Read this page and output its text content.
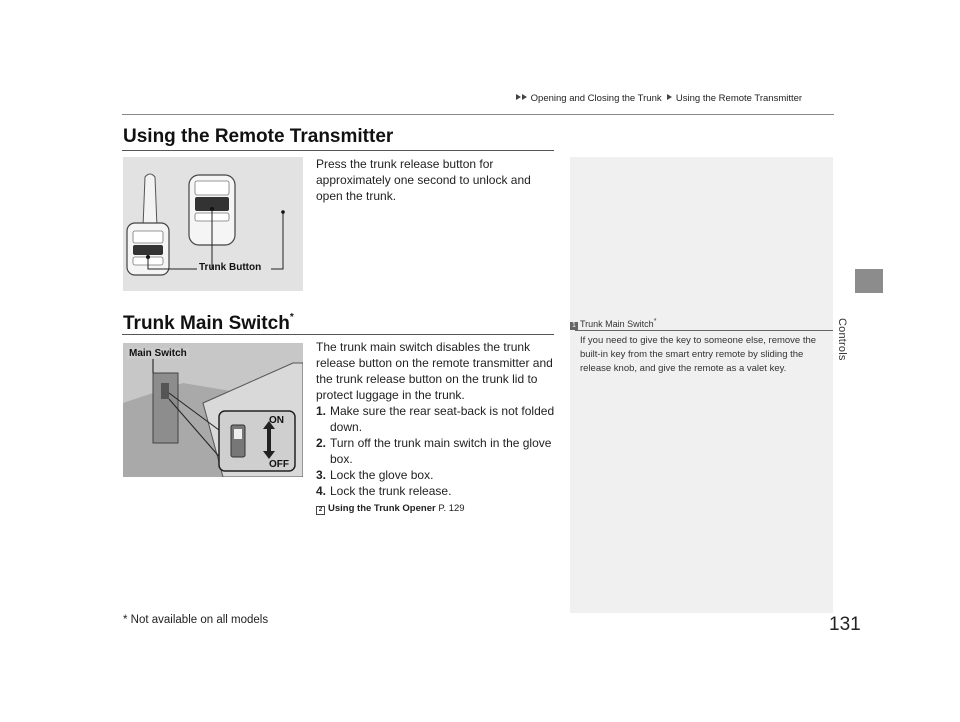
Opening and Closing the Trunk Using the Remote Transmitter
Controls
Using the Remote Transmitter
Trunk Button
Press the trunk release button for approximately one second to unlock and open the trunk.
Trunk Main Switch*
Main Switch
ON
OFF
The trunk main switch disables the trunk release button on the remote transmitter and the trunk release button on the trunk lid to protect luggage in the trunk.
1. Make sure the rear seat-back is not folded down.
2. Turn off the trunk main switch in the glove box.
3. Lock the glove box.
4. Lock the trunk release.
2 Using the Trunk Opener P. 129
1 Trunk Main Switch*
If you need to give the key to someone else, remove the built-in key from the smart entry remote by sliding the release knob, and give the remote as a valet key.
* Not available on all models	131
